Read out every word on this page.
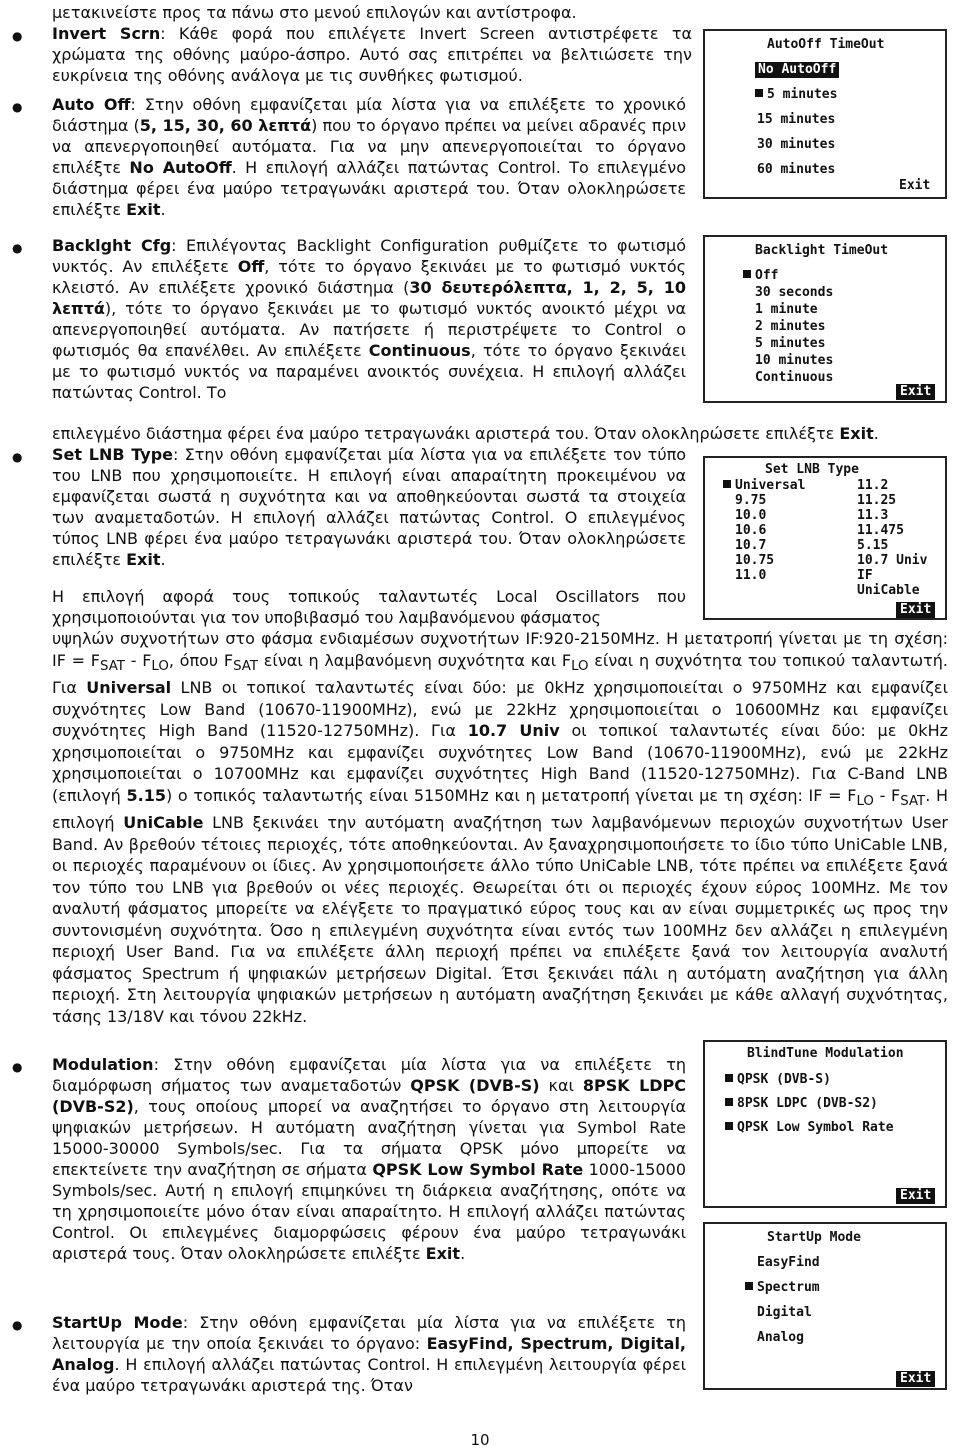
μετακινείστε προς τα πάνω στο μενού επιλογών και αντίστροφα.

● Invert Scrn: Κάθε φορά που επιλέγετε Invert Screen αντιστρέφετε τα χρώματα της οθόνης μαύρο-άσπρο. Αυτό σας επιτρέπει να βελτιώσετε την ευκρίνεια της οθόνης ανάλογα με τις συνθήκες φωτισμού.

● Auto Off: Στην οθόνη εμφανίζεται μία λίστα για να επιλέξετε το χρονικό διάστημα (5, 15, 30, 60 λεπτά) που το όργανο πρέπει να μείνει αδρανές πριν να απενεργοποιηθεί αυτόματα. Για να μην απενεργοποιείται το όργανο επιλέξτε No AutoOff. Η επιλογή αλλάζει πατώντας Control. Το επιλεγμένο διάστημα φέρει ένα μαύρο τετραγωνάκι αριστερά του. Όταν ολοκληρώσετε επιλέξτε Exit.

● Backlght Cfg: Επιλέγοντας Backlight Configuration ρυθμίζετε το φωτισμό νυκτός. Αν επιλέξετε Off, τότε το όργανο ξεκινάει με το φωτισμό νυκτός κλειστό. Αν επιλέξετε χρονικό διάστημα (30 δευτερόλεπτα, 1, 2, 5, 10 λεπτά), τότε το όργανο ξεκινάει με το φωτισμό νυκτός ανοικτό μέχρι να απενεργοποιηθεί αυτόματα. Αν πατήσετε ή περιστρέψετε το Control ο φωτισμός θα επανέλθει. Αν επιλέξετε Continuous, τότε το όργανο ξεκινάει με το φωτισμό νυκτός να παραμένει ανοικτός συνέχεια. Η επιλογή αλλάζει πατώντας Control. Το

επιλεγμένο διάστημα φέρει ένα μαύρο τετραγωνάκι αριστερά του. Όταν ολοκληρώσετε επιλέξτε Exit.

● Set LNB Type: Στην οθόνη εμφανίζεται μία λίστα για να επιλέξετε τον τύπο του LNB που χρησιμοποιείτε. Η επιλογή είναι απαραίτητη προκειμένου να εμφανίζεται σωστά η συχνότητα και να αποθηκεύονται σωστά τα στοιχεία των αναμεταδοτών. Η επιλογή αλλάζει πατώντας Control. Ο επιλεγμένος τύπος LNB φέρει ένα μαύρο τετραγωνάκι αριστερά του. Όταν ολοκληρώσετε επιλέξτε Exit.

Η επιλογή αφορά τους τοπικούς ταλαντωτές Local Oscillators που χρησιμοποιούνται για τον υποβιβασμό του λαμβανόμενου φάσματος

υψηλών συχνοτήτων στο φάσμα ενδιαμέσων συχνοτήτων IF:920-2150MHz. Η μετατροπή γίνεται με τη σχέση: IF = $F_{SAT} - F_{LO}$, όπου $F_{SAT}$ είναι η λαμβανόμενη συχνότητα και $F_{LO}$ είναι η συχνότητα του τοπικού ταλαντωτή. Για Universal LNB οι τοπικοί ταλαντωτές είναι δύο: με 0kHz χρησιμοποιείται ο 9750MHz και εμφανίζει συχνότητες Low Band (10670-11900MHz), ενώ με 22kHz χρησιμοποιείται ο 10600MHz και εμφανίζει συχνότητες High Band (11520-12750MHz). Για 10.7 Univ οι τοπικοί ταλαντωτές είναι δύο: με 0kHz χρησιμοποιείται ο 9750MHz και εμφανίζει συχνότητες Low Band (10670-11900MHz), ενώ με 22kHz χρησιμοποιείται ο 10700MHz και εμφανίζει συχνότητες High Band (11520-12750MHz). Για C-Band LNB (επιλογή 5.15) ο τοπικός ταλαντωτής είναι 5150MHz και η μετατροπή γίνεται με τη σχέση: IF = $F_{LO} - F_{SAT}$. Η επιλογή UniCable LNB ξεκινάει την αυτόματη αναζήτηση των λαμβανόμενων περιοχών συχνοτήτων User Band. Αν βρεθούν τέτοιες περιοχές, τότε αποθηκεύονται. Αν ξαναχρησιμοποιήσετε το ίδιο τύπο UniCable LNB, οι περιοχές παραμένουν οι ίδιες. Αν χρησιμοποιήσετε άλλο τύπο UniCable LNB, τότε πρέπει να επιλέξετε ξανά τον τύπο του LNB για βρεθούν οι νέες περιοχές. Θεωρείται ότι οι περιοχές έχουν εύρος 100MHz. Με τον αναλυτή φάσματος μπορείτε να ελέγξετε το πραγματικό εύρος τους και αν είναι συμμετρικές ως προς την συντονισμένη συχνότητα. Όσο η επιλεγμένη συχνότητα είναι εντός των 100MHz δεν αλλάζει η επιλεγμένη περιοχή User Band. Για να επιλέξετε άλλη περιοχή πρέπει να επιλέξετε ξανά τον λειτουργία αναλυτή φάσματος Spectrum ή ψηφιακών μετρήσεων Digital. Έτσι ξεκινάει πάλι η αυτόματη αναζήτηση για άλλη περιοχή. Στη λειτουργία ψηφιακών μετρήσεων η αυτόματη αναζήτηση ξεκινάει με κάθε αλλαγή συχνότητας, τάσης 13/18V και τόνου 22kHz.

● Modulation: Στην οθόνη εμφανίζεται μία λίστα για να επιλέξετε τη διαμόρφωση σήματος των αναμεταδοτών QPSK (DVB-S) και 8PSK LDPC (DVB-S2), τους οποίους μπορεί να αναζητήσει το όργανο στη λειτουργία ψηφιακών μετρήσεων. Η αυτόματη αναζήτηση γίνεται για Symbol Rate 15000-30000 Symbols/sec. Για τα σήματα QPSK μόνο μπορείτε να επεκτείνετε την αναζήτηση σε σήματα QPSK Low Symbol Rate 1000-15000 Symbols/sec. Αυτή η επιλογή επιμηκύνει τη διάρκεια αναζήτησης, οπότε να τη χρησιμοποιείτε μόνο όταν είναι απαραίτητο. Η επιλογή αλλάζει πατώντας Control. Οι επιλεγμένες διαμορφώσεις φέρουν ένα μαύρο τετραγωνάκι αριστερά τους. Όταν ολοκληρώσετε επιλέξτε Exit.

● StartUp Mode: Στην οθόνη εμφανίζεται μία λίστα για να επιλέξετε τη λειτουργία με την οποία ξεκινάει το όργανο: EasyFind, Spectrum, Digital, Analog. Η επιλογή αλλάζει πατώντας Control. Η επιλεγμένη λειτουργία φέρει ένα μαύρο τετραγωνάκι αριστερά της. Όταν

AutoOff TimeOut
No AutoOff
5 minutes
15 minutes
30 minutes
60 minutes
Exit
Backlight TimeOut
Off
30 seconds
1 minute
2 minutes
5 minutes
10 minutes
Continuous
Exit
Set LNB Type
Universal
9.75
10.0
10.6
10.7
10.75
11.0
11.2
11.25
11.3
11.475
5.15
10.7 Univ
IF
UniCable
Exit
BlindTune Modulation
QPSK (DVB-S)
8PSK LDPC (DVB-S2)
QPSK Low Symbol Rate
Exit
StartUp Mode
EasyFind
Spectrum
Digital
Analog
Exit
10
